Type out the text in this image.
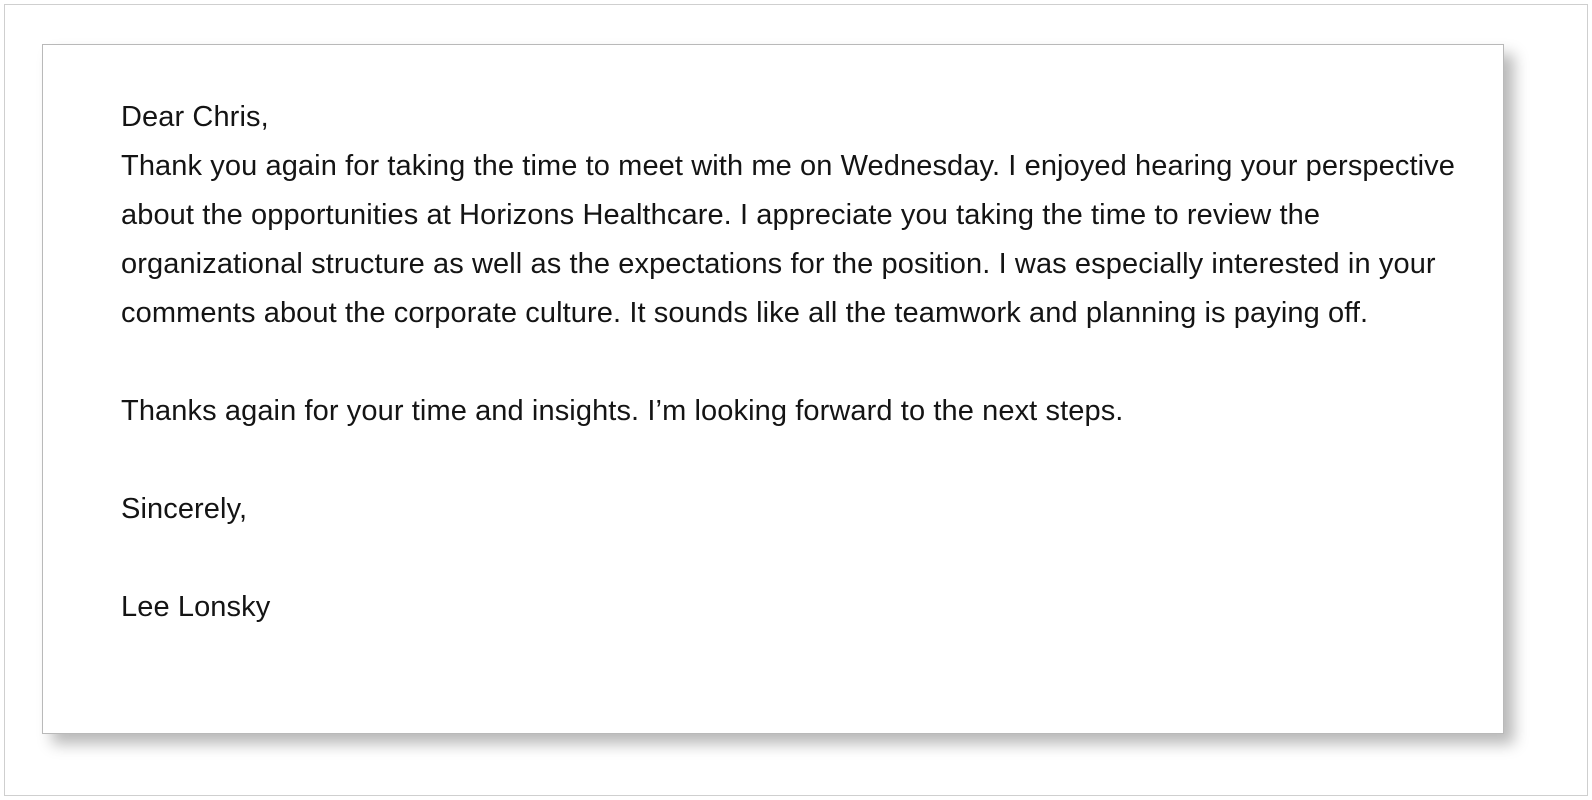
Dear Chris,

Thank you again for taking the time to meet with me on Wednesday. I enjoyed hearing your perspective about the opportunities at Horizons Healthcare. I appreciate you taking the time to review the organizational structure as well as the expectations for the position. I was especially interested in your comments about the corporate culture. It sounds like all the teamwork and planning is paying off.

Thanks again for your time and insights. I’m looking forward to the next steps.

Sincerely,

Lee Lonsky
